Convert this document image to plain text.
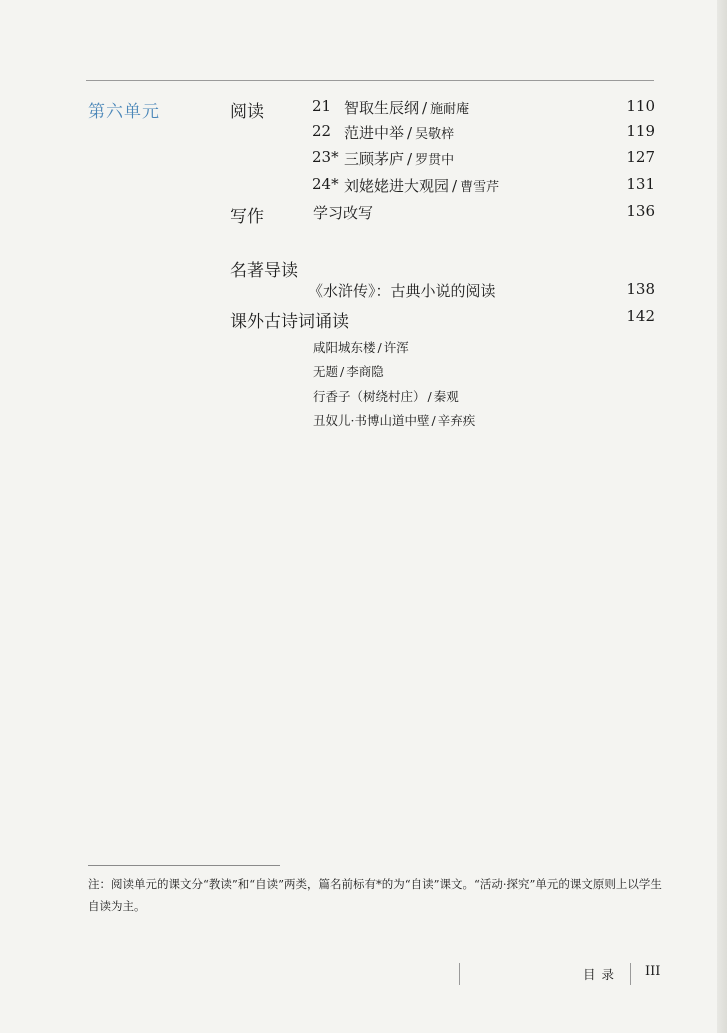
第六单元	阅读	21 智取生辰纲 / 施耐庵	110
22 范进中举 / 吴敬梓	119
23* 三顾茅庐 / 罗贯中	127
24* 刘姥姥进大观园 / 曹雪芹	131
写作	学习改写	136
名著导读
《水浒传》：古典小说的阅读	138
课外古诗词诵读	142
咸阳城东楼 / 许浑
无题 / 李商隐
行香子（树绕村庄） / 秦观
丑奴儿·书博山道中壁 / 辛弃疾
注：阅读单元的课文分“教读”和“自读”两类，篇名前标有*的为“自读”课文。“活动·探究”单元的课文原则上以学生自读为主。
目录 III
